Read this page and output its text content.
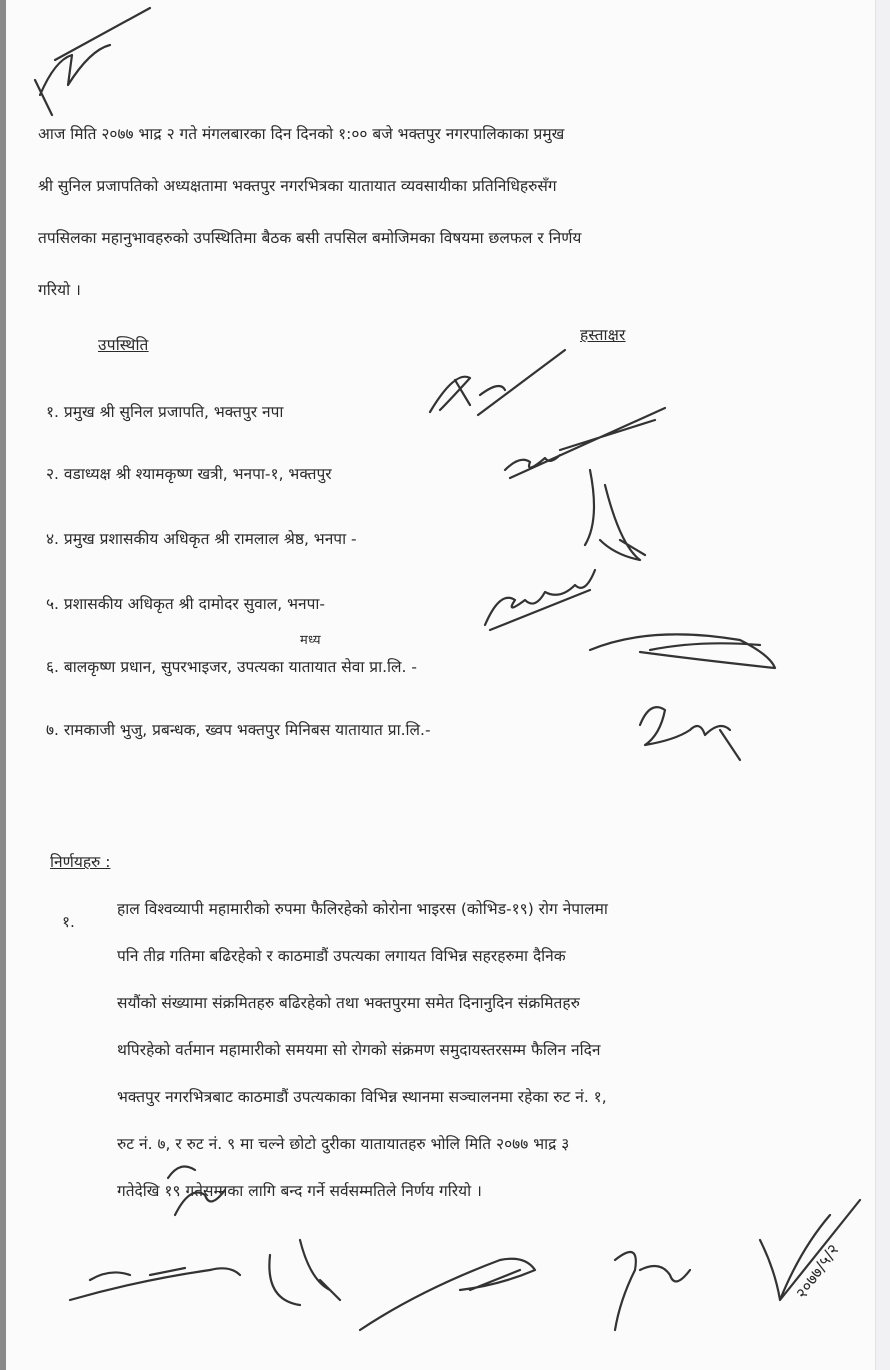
आज मिति २०७७ भाद्र २ गते मंगलबारका दिन दिनको १:०० बजे भक्तपुर नगरपालिकाका प्रमुख
श्री सुनिल प्रजापतिको अध्यक्षतामा भक्तपुर नगरभित्रका यातायात व्यवसायीका प्रतिनिधिहरुसँग
तपसिलका महानुभावहरुको उपस्थितिमा बैठक बसी तपसिल बमोजिमका विषयमा छलफल र निर्णय
गरियो ।
उपस्थिति
हस्ताक्षर
१. प्रमुख श्री सुनिल प्रजापति, भक्तपुर नपा
२. वडाध्यक्ष श्री श्यामकृष्ण खत्री, भनपा-१, भक्तपुर
४. प्रमुख प्रशासकीय अधिकृत श्री रामलाल श्रेष्ठ, भनपा -
५. प्रशासकीय अधिकृत श्री दामोदर सुवाल, भनपा-
मध्य
६. बालकृष्ण प्रधान, सुपरभाइजर, उपत्यका यातायात सेवा प्रा.लि. -
७. रामकाजी भुजु, प्रबन्धक, ख्वप भक्तपुर मिनिबस यातायात प्रा.लि.-
निर्णयहरु :
१.
हाल विश्वव्यापी महामारीको रुपमा फैलिरहेको कोरोना भाइरस (कोभिड-१९) रोग नेपालमा
पनि तीव्र गतिमा बढिरहेको र काठमाडौं उपत्यका लगायत विभिन्न सहरहरुमा दैनिक
सयौंको संख्यामा संक्रमितहरु बढिरहेको तथा भक्तपुरमा समेत दिनानुदिन संक्रमितहरु
थपिरहेको वर्तमान महामारीको समयमा सो रोगको संक्रमण समुदायस्तरसम्म फैलिन नदिन
भक्तपुर नगरभित्रबाट काठमाडौं उपत्यकाका विभिन्न स्थानमा सञ्चालनमा रहेका रुट नं. १,
रुट नं. ७, र रुट नं. ९ मा चल्ने छोटो दुरीका यातायातहरु भोलि मिति २०७७ भाद्र ३
गतेदेखि १९ गतेसम्मका लागि बन्द गर्ने सर्वसम्मतिले निर्णय गरियो ।
२०७७/५/२
